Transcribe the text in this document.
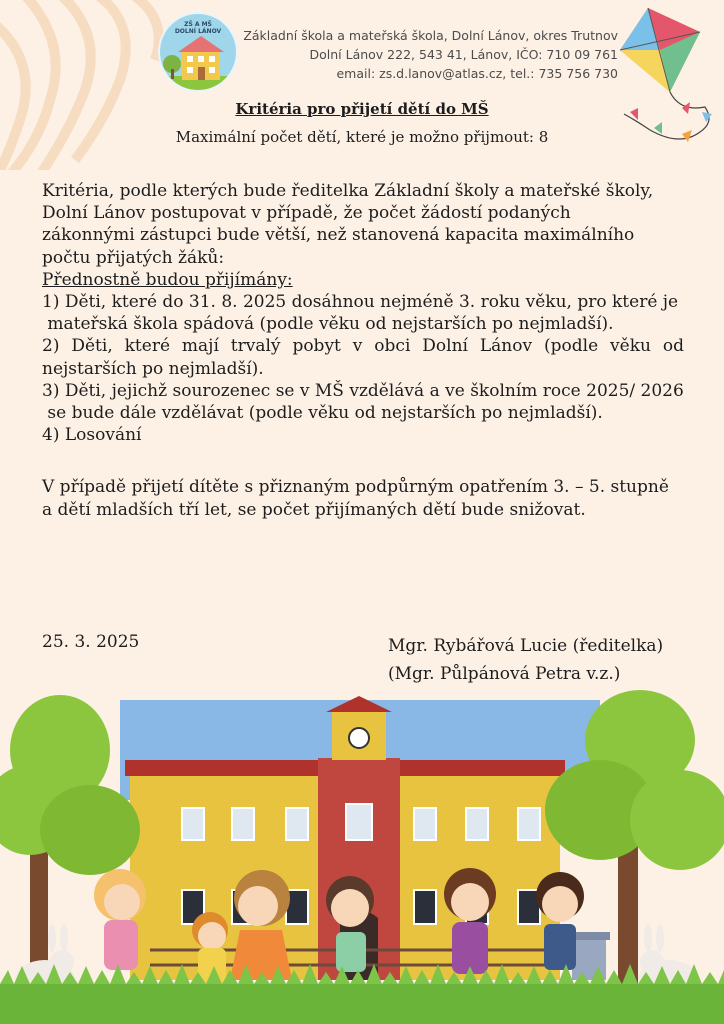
ZŠ A MŠ
DOLNÍ LÁNOV	Základní škola a mateřská škola, Dolní Lánov, okres Trutnov
Dolní Lánov 222, 543 41, Lánov, IČO: 710 09 761
email: zs.d.lanov@atlas.cz, tel.: 735 756 730
Kritéria pro přijetí dětí do MŠ
Maximální počet dětí, které je možno přijmout: 8

Kritéria, podle kterých bude ředitelka Základní školy a mateřské školy,

Dolní Lánov postupovat v případě, že počet žádostí podaných

zákonnými zástupci bude větší, než stanovená kapacita maximálního

počtu přijatých žáků:

Přednostně budou přijímány:

1) Děti, které do 31. 8. 2025 dosáhnou nejméně 3. roku věku, pro které je

mateřská škola spádová (podle věku od nejstarších po nejmladší).

2) Děti, které mají trvalý pobyt v obci Dolní Lánov (podle věku od

nejstarších po nejmladší).

3) Děti, jejichž sourozenec se v MŠ vzdělává a ve školním roce 2025/ 2026

se bude dále vzdělávat (podle věku od nejstarších po nejmladší).

4) Losování

V případě přijetí dítěte s přiznaným podpůrným opatřením 3. – 5. stupně

a dětí mladších tří let, se počet přijímaných dětí bude snižovat.

25. 3. 2025	Mgr. Rybářová Lucie (ředitelka)
(Mgr. Půlpánová Petra v.z.)
